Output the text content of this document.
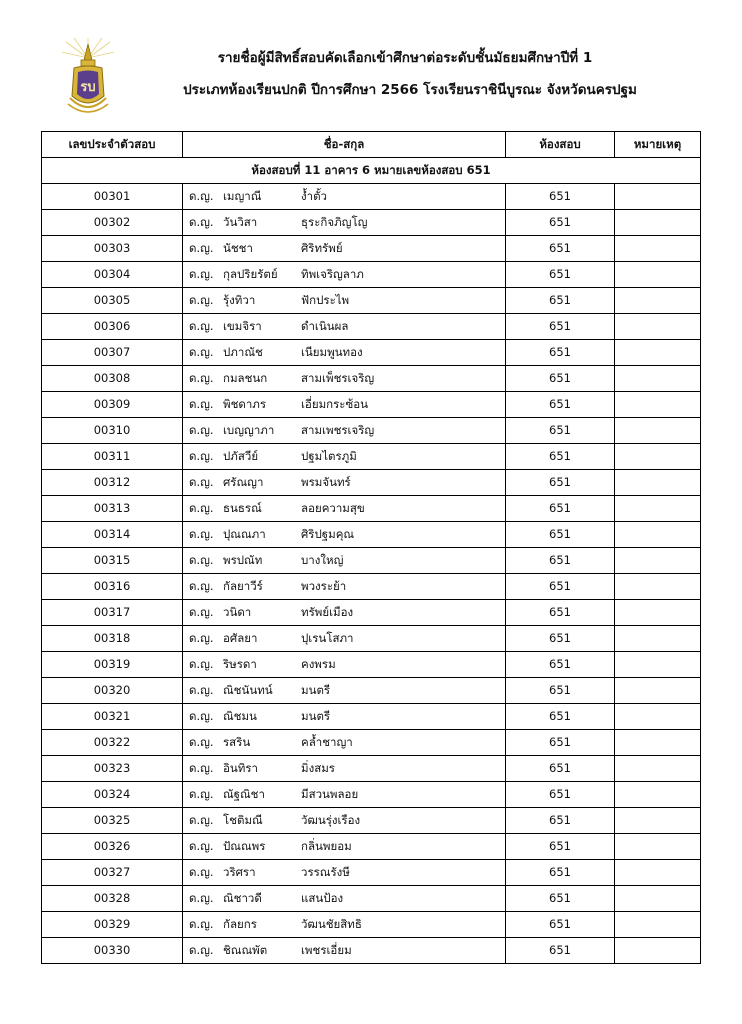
รบ
รายชื่อผู้มีสิทธิ์สอบคัดเลือกเข้าศึกษาต่อระดับชั้นมัธยมศึกษาปีที่ 1
ประเภทห้องเรียนปกติ ปีการศึกษา 2566 โรงเรียนราชินีบูรณะ จังหวัดนครปฐม
เลขประจำตัวสอบ	ชื่อ-สกุล	ห้องสอบ	หมายเหตุ
ห้องสอบที่ 11 อาคาร 6 หมายเลขห้องสอบ 651			
00301	ด.ญ. เมญาณี ง้ำตั้ว	651	
00302	ด.ญ. วันวิสา ธุระกิจภิญโญ	651	
00303	ด.ญ. นัชชา ศิริทรัพย์	651	
00304	ด.ญ. กุลปริยรัตย์ ทิพเจริญลาภ	651	
00305	ด.ญ. รุ้งทิวา ฟักประไพ	651	
00306	ด.ญ. เขมจิรา ดำเนินผล	651	
00307	ด.ญ. ปภาณัช เนียมพูนทอง	651	
00308	ด.ญ. กมลชนก สามเพ็ชรเจริญ	651	
00309	ด.ญ. พิชดาภร เอี่ยมกระซ้อน	651	
00310	ด.ญ. เบญญาภา สามเพชรเจริญ	651	
00311	ด.ญ. ปภัสวีย์ ปฐมไตรภูมิ	651	
00312	ด.ญ. ศรัณญา พรมจันทร์	651	
00313	ด.ญ. ธนธรณ์ ลอยความสุข	651	
00314	ด.ญ. ปุณณภา ศิริปฐมคุณ	651	
00315	ด.ญ. พรปณัท บางใหญ่	651	
00316	ด.ญ. กัลยาวีร์ พวงระย้า	651	
00317	ด.ญ. วนิดา ทรัพย์เมือง	651	
00318	ด.ญ. อศัลยา ปุเรนโสภา	651	
00319	ด.ญ. ริษรดา คงพรม	651	
00320	ด.ญ. ณิชนันทน์ มนตรี	651	
00321	ด.ญ. ณิชมน มนตรี	651	
00322	ด.ญ. รสริน คล้ำชาญา	651	
00323	ด.ญ. อินทิรา มิ่งสมร	651	
00324	ด.ญ. ณัฐณิชา มีสวนพลอย	651	
00325	ด.ญ. โชติมณี วัฒนรุ่งเรือง	651	
00326	ด.ญ. ปัณณพร กลิ่นพยอม	651	
00327	ด.ญ. วริศรา วรรณรังษี	651	
00328	ด.ญ. ณิชาวดี แสนป้อง	651	
00329	ด.ญ. กัลยกร วัฒนชัยสิทธิ	651	
00330	ด.ญ. ชิณณพัต เพชรเอี่ยม	651	
